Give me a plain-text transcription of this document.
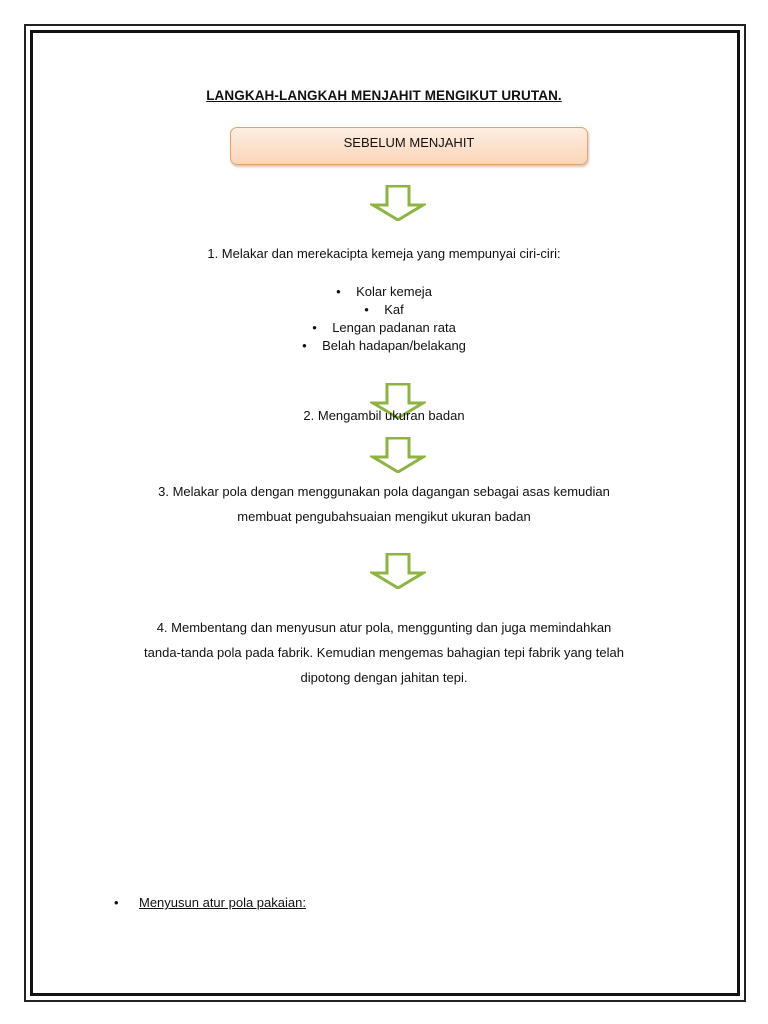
LANGKAH-LANGKAH MENJAHIT MENGIKUT URUTAN.
SEBELUM MENJAHIT
1. Melakar dan merekacipta kemeja yang mempunyai ciri-ciri:
• Kolar kemeja
• Kaf
• Lengan padanan rata
• Belah hadapan/belakang
2. Mengambil ukuran badan
3. Melakar pola dengan menggunakan pola dagangan sebagai asas kemudian
membuat pengubahsuaian mengikut ukuran badan
4. Membentang dan menyusun atur pola, menggunting dan juga memindahkan
tanda-tanda pola pada fabrik. Kemudian mengemas bahagian tepi fabrik yang telah
dipotong dengan jahitan tepi.
• Menyusun atur pola pakaian:
